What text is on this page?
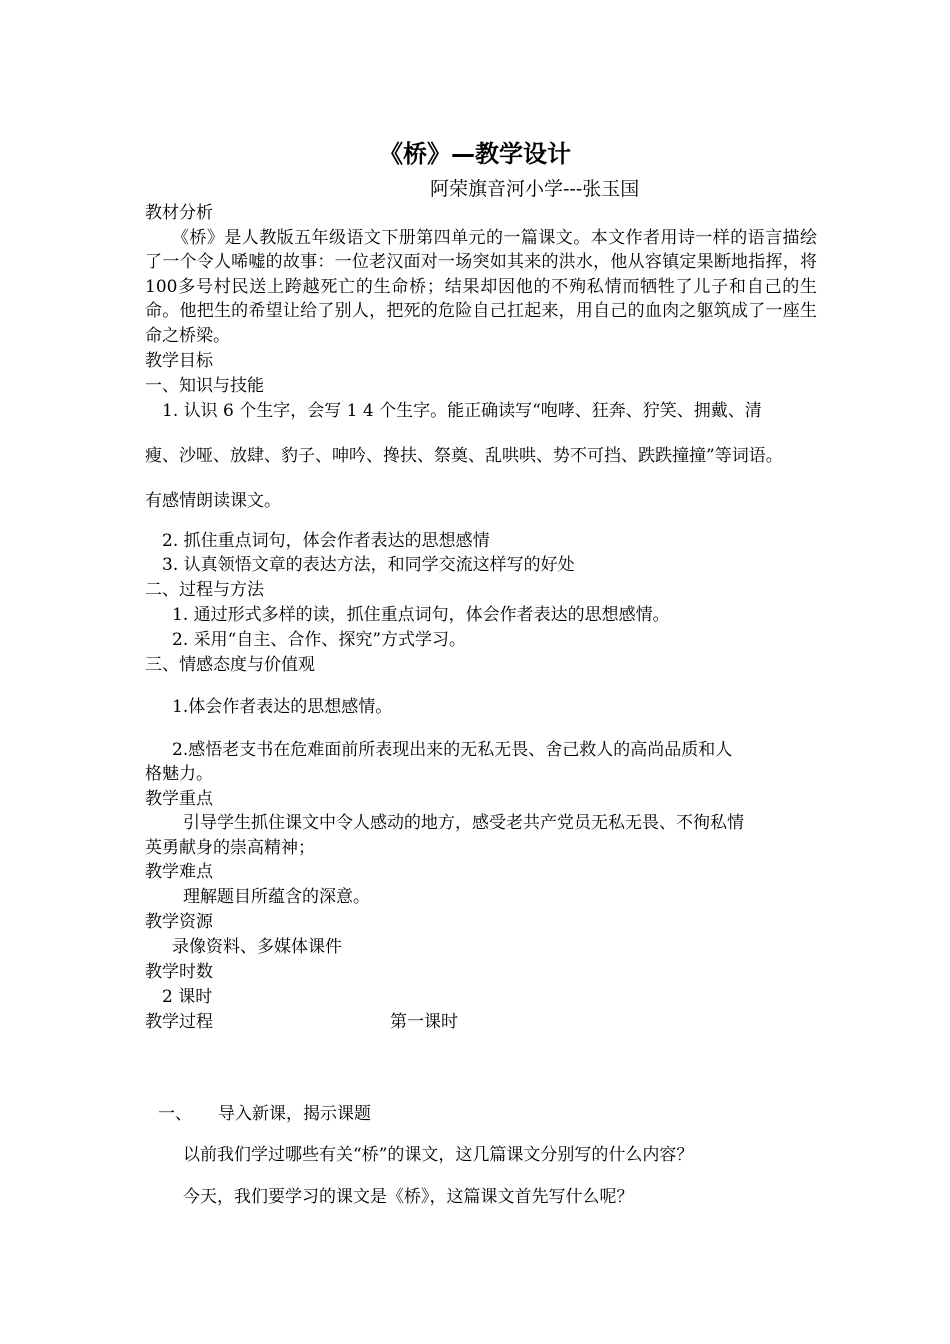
《桥》—教学设计
阿荣旗音河小学---张玉国
教材分析
《桥》是人教版五年级语文下册第四单元的一篇课文。本文作者用诗一样的语言描绘了一个令人唏嘘的故事：一位老汉面对一场突如其来的洪水，他从容镇定果断地指挥，将100多号村民送上跨越死亡的生命桥；结果却因他的不殉私情而牺牲了儿子和自己的生命。他把生的希望让给了别人，把死的危险自己扛起来，用自己的血肉之躯筑成了一座生命之桥梁。
教学目标
一、知识与技能
1. 认识 6 个生字，会写 1 4 个生字。能正确读写“咆哮、狂奔、狞笑、拥戴、清
瘦、沙哑、放肆、豹子、呻吟、搀扶、祭奠、乱哄哄、势不可挡、跌跌撞撞”等词语。
有感情朗读课文。
2. 抓住重点词句，体会作者表达的思想感情
3. 认真领悟文章的表达方法，和同学交流这样写的好处
二、过程与方法
1. 通过形式多样的读，抓住重点词句，体会作者表达的思想感情。
2. 采用“自主、合作、探究”方式学习。
三、情感态度与价值观
1.体会作者表达的思想感情。
2.感悟老支书在危难面前所表现出来的无私无畏、舍己救人的高尚品质和人
格魅力。
教学重点
引导学生抓住课文中令人感动的地方，感受老共产党员无私无畏、不徇私情
英勇献身的崇高精神；
教学难点
理解题目所蕴含的深意。
教学资源
录像资料、多媒体课件
教学时数
2 课时
教学过程	第一课时
一、 导入新课，揭示课题
以前我们学过哪些有关“桥”的课文，这几篇课文分别写的什么内容？
今天，我们要学习的课文是《桥》，这篇课文首先写什么呢？
